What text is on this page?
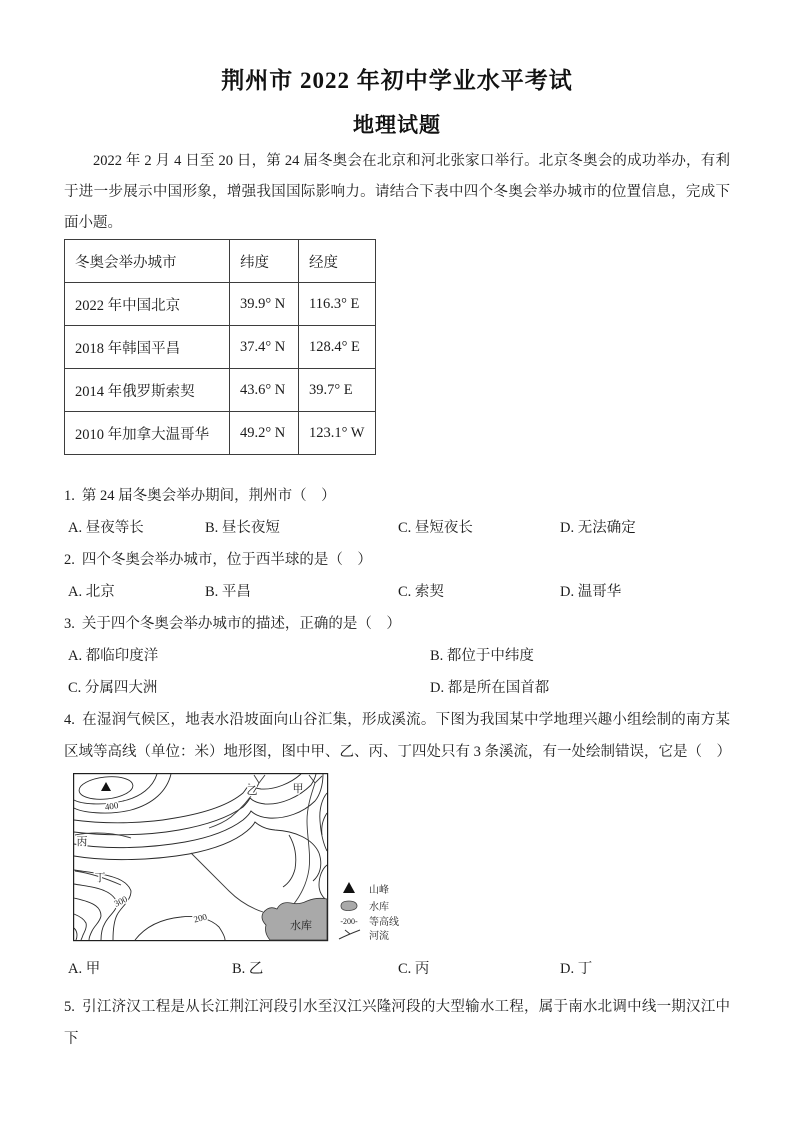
荆州市 2022 年初中学业水平考试
地理试题

2022 年 2 月 4 日至 20 日，第 24 届冬奥会在北京和河北张家口举行。北京冬奥会的成功举办，有利于进一步展示中国形象，增强我国国际影响力。请结合下表中四个冬奥会举办城市的位置信息，完成下面小题。

冬奥会举办城市	纬度	经度
2022 年中国北京	39.9° N	116.3° E
2018 年韩国平昌	37.4° N	128.4° E
2014 年俄罗斯索契	43.6° N	39.7° E
2010 年加拿大温哥华	49.2° N	123.1° W
1. 第 24 届冬奥会举办期间，荆州市（　）
A. 昼夜等长	B. 昼长夜短	C. 昼短夜长	D. 无法确定
2. 四个冬奥会举办城市，位于西半球的是（　）
A. 北京	B. 平昌	C. 索契	D. 温哥华
3. 关于四个冬奥会举办城市的描述，正确的是（　）
A. 都临印度洋	B. 都位于中纬度
C. 分属四大洲	D. 都是所在国首都

4. 在湿润气候区，地表水沿坡面向山谷汇集，形成溪流。下图为我国某中学地理兴趣小组绘制的南方某区域等高线（单位：米）地形图，图中甲、乙、丙、丁四处只有 3 条溪流，有一处绘制错误，它是（　）

水库
400
300
200
甲
乙
丙
丁
山峰
水库
-200- 等高线
河流
A. 甲	B. 乙	C. 丙	D. 丁

5. 引江济汉工程是从长江荆江河段引水至汉江兴隆河段的大型输水工程，属于南水北调中线一期汉江中下
